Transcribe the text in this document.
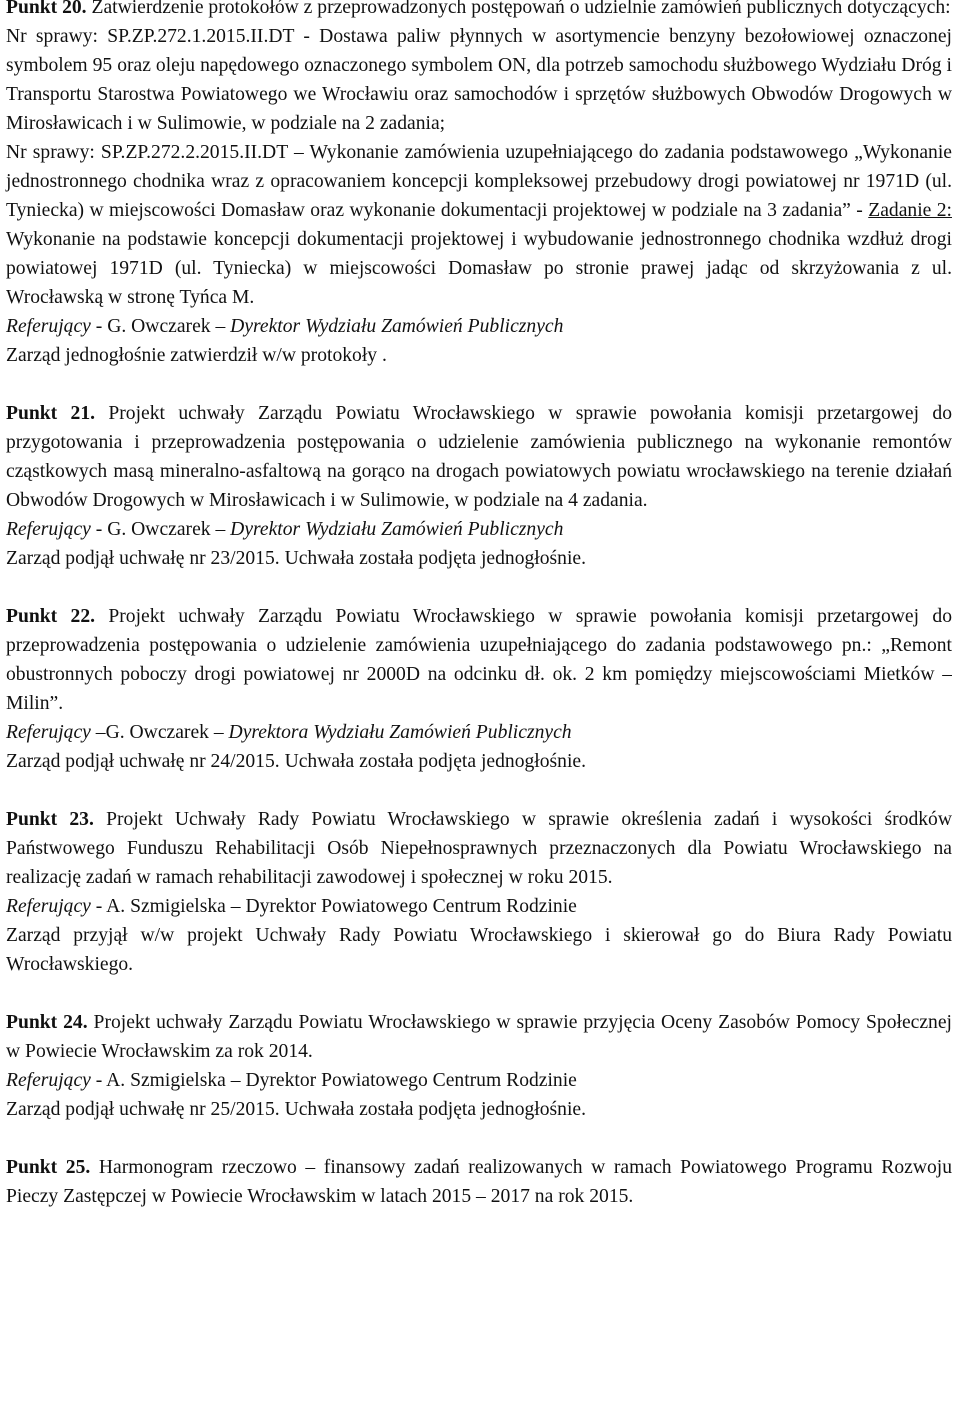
Punkt 20. Zatwierdzenie protokołów z przeprowadzonych postępowań o udzielnie zamówień publicznych dotyczących:

Nr sprawy: SP.ZP.272.1.2015.II.DT - Dostawa paliw płynnych w asortymencie benzyny bezołowiowej oznaczonej symbolem 95 oraz oleju napędowego oznaczonego symbolem ON, dla potrzeb samochodu służbowego Wydziału Dróg i Transportu Starostwa Powiatowego we Wrocławiu oraz samochodów i sprzętów służbowych Obwodów Drogowych w Mirosławicach i w Sulimowie, w podziale na 2 zadania;

Nr sprawy: SP.ZP.272.2.2015.II.DT – Wykonanie zamówienia uzupełniającego do zadania podstawowego „Wykonanie jednostronnego chodnika wraz z opracowaniem koncepcji kompleksowej przebudowy drogi powiatowej nr 1971D (ul. Tyniecka) w miejscowości Domasław oraz wykonanie dokumentacji projektowej w podziale na 3 zadania” - Zadanie 2: Wykonanie na podstawie koncepcji dokumentacji projektowej i wybudowanie jednostronnego chodnika wzdłuż drogi powiatowej 1971D (ul. Tyniecka) w miejscowości Domasław po stronie prawej jadąc od skrzyżowania z ul. Wrocławską w stronę Tyńca M.

Referujący - G. Owczarek – Dyrektor Wydziału Zamówień Publicznych

Zarząd jednogłośnie zatwierdził w/w protokoły .

Punkt 21. Projekt uchwały Zarządu Powiatu Wrocławskiego w sprawie powołania komisji przetargowej do przygotowania i przeprowadzenia postępowania o udzielenie zamówienia publicznego na wykonanie remontów cząstkowych masą mineralno-asfaltową na gorąco na drogach powiatowych powiatu wrocławskiego na terenie działań Obwodów Drogowych w Mirosławicach i w Sulimowie, w podziale na 4 zadania.

Referujący - G. Owczarek – Dyrektor Wydziału Zamówień Publicznych

Zarząd podjął uchwałę nr 23/2015. Uchwała została podjęta jednogłośnie.

Punkt 22. Projekt uchwały Zarządu Powiatu Wrocławskiego w sprawie powołania komisji przetargowej do przeprowadzenia postępowania o udzielenie zamówienia uzupełniającego do zadania podstawowego pn.: „Remont obustronnych poboczy drogi powiatowej nr 2000D na odcinku dł. ok. 2 km pomiędzy miejscowościami Mietków – Milin”.

Referujący –G. Owczarek – Dyrektora Wydziału Zamówień Publicznych

Zarząd podjął uchwałę nr 24/2015. Uchwała została podjęta jednogłośnie.

Punkt 23. Projekt Uchwały Rady Powiatu Wrocławskiego w sprawie określenia zadań i wysokości środków Państwowego Funduszu Rehabilitacji Osób Niepełnosprawnych przeznaczonych dla Powiatu Wrocławskiego na realizację zadań w ramach rehabilitacji zawodowej i społecznej w roku 2015.

Referujący - A. Szmigielska – Dyrektor Powiatowego Centrum Rodzinie

Zarząd przyjął w/w projekt Uchwały Rady Powiatu Wrocławskiego i skierował go do Biura Rady Powiatu Wrocławskiego.

Punkt 24. Projekt uchwały Zarządu Powiatu Wrocławskiego w sprawie przyjęcia Oceny Zasobów Pomocy Społecznej w Powiecie Wrocławskim za rok 2014.

Referujący - A. Szmigielska – Dyrektor Powiatowego Centrum Rodzinie

Zarząd podjął uchwałę nr 25/2015. Uchwała została podjęta jednogłośnie.

Punkt 25. Harmonogram rzeczowo – finansowy zadań realizowanych w ramach Powiatowego Programu Rozwoju Pieczy Zastępczej w Powiecie Wrocławskim w latach 2015 – 2017 na rok 2015.
